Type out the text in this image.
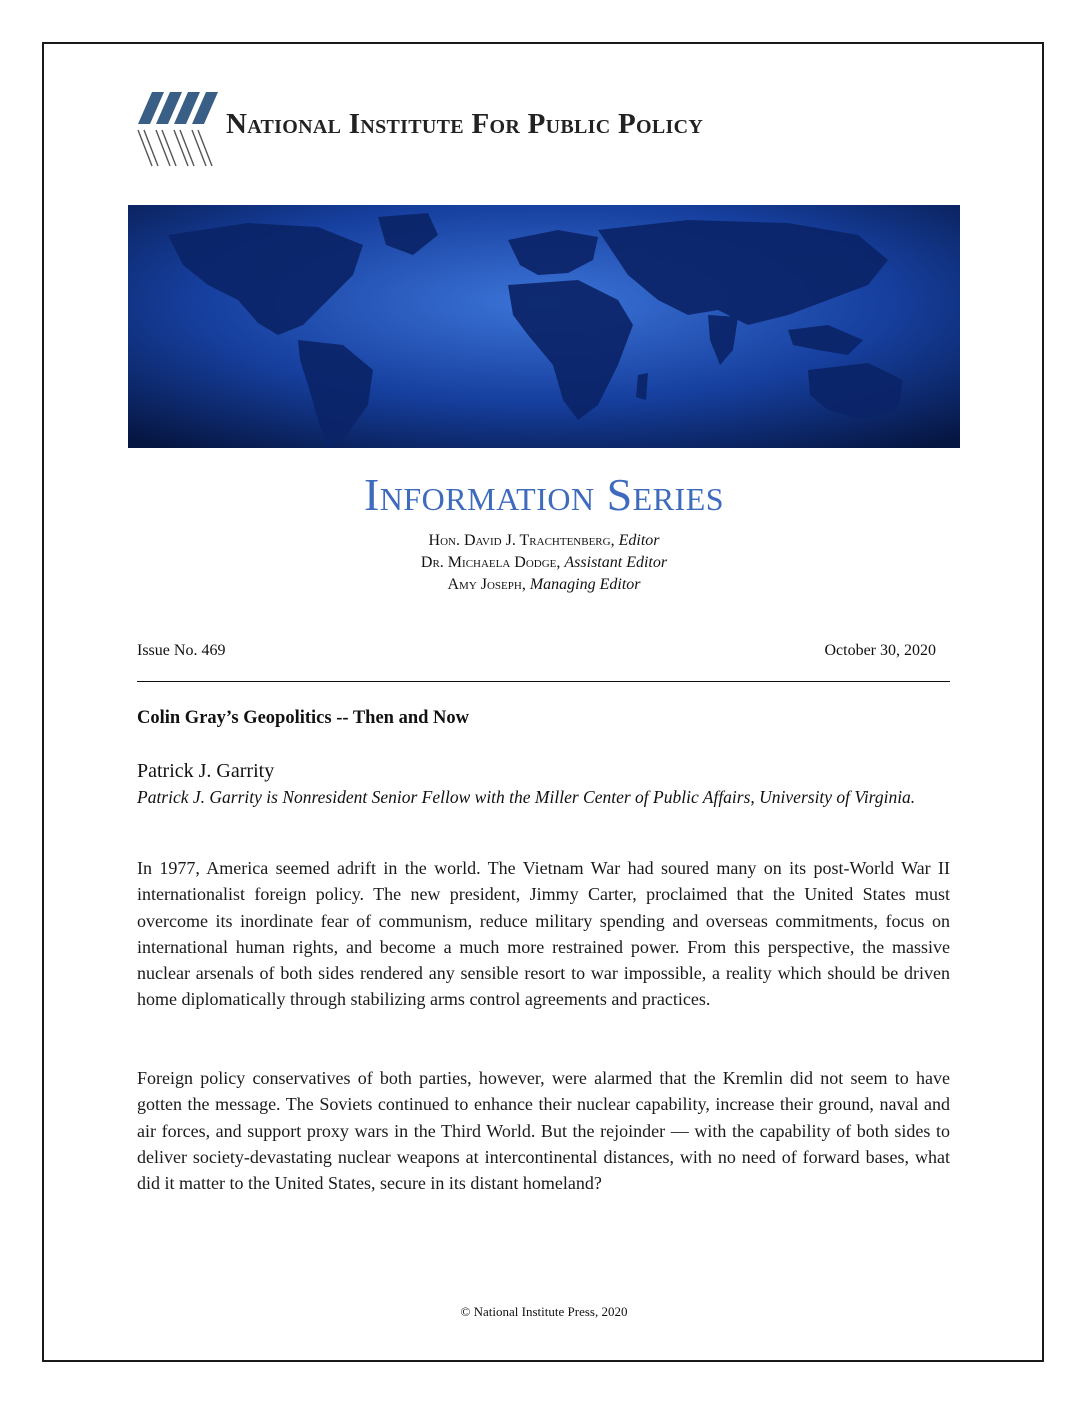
National Institute For Public Policy
Information Series
Hon. David J. Trachtenberg, Editor
Dr. Michaela Dodge, Assistant Editor
Amy Joseph, Managing Editor
Issue No. 469	October 30, 2020
Colin Gray’s Geopolitics -- Then and Now
Patrick J. Garrity
Patrick J. Garrity is Nonresident Senior Fellow with the Miller Center of Public Affairs, University of Virginia.
In 1977, America seemed adrift in the world. The Vietnam War had soured many on its post-World War II internationalist foreign policy. The new president, Jimmy Carter, proclaimed that the United States must overcome its inordinate fear of communism, reduce military spending and overseas commitments, focus on international human rights, and become a much more restrained power. From this perspective, the massive nuclear arsenals of both sides rendered any sensible resort to war impossible, a reality which should be driven home diplomatically through stabilizing arms control agreements and practices.
Foreign policy conservatives of both parties, however, were alarmed that the Kremlin did not seem to have gotten the message. The Soviets continued to enhance their nuclear capability, increase their ground, naval and air forces, and support proxy wars in the Third World. But the rejoinder — with the capability of both sides to deliver society-devastating nuclear weapons at intercontinental distances, with no need of forward bases, what did it matter to the United States, secure in its distant homeland?
© National Institute Press, 2020
